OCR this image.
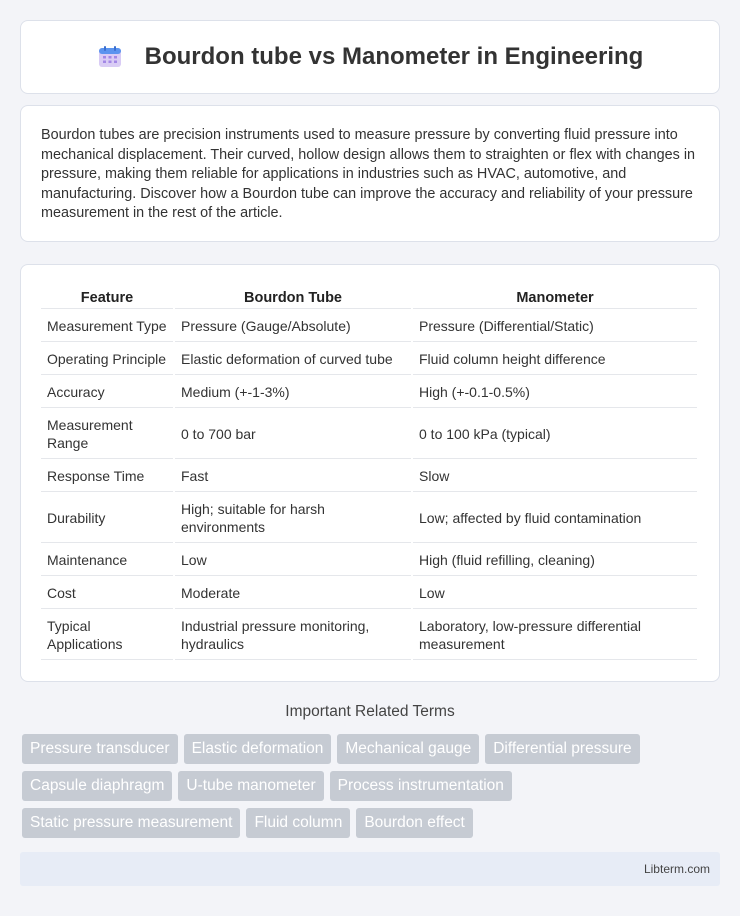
Bourdon tube vs Manometer in Engineering

Bourdon tubes are precision instruments used to measure pressure by converting fluid pressure into mechanical displacement. Their curved, hollow design allows them to straighten or flex with changes in pressure, making them reliable for applications in industries such as HVAC, automotive, and manufacturing. Discover how a Bourdon tube can improve the accuracy and reliability of your pressure measurement in the rest of the article.

Feature	Bourdon Tube	Manometer
Measurement Type	Pressure (Gauge/Absolute)	Pressure (Differential/Static)
Operating Principle	Elastic deformation of curved tube	Fluid column height difference
Accuracy	Medium (+-1-3%)	High (+-0.1-0.5%)
Measurement Range	0 to 700 bar	0 to 100 kPa (typical)
Response Time	Fast	Slow
Durability	High; suitable for harsh environments	Low; affected by fluid contamination
Maintenance	Low	High (fluid refilling, cleaning)
Cost	Moderate	Low
Typical Applications	Industrial pressure monitoring, hydraulics	Laboratory, low-pressure differential measurement
Important Related Terms
Pressure transducer	Elastic deformation	Mechanical gauge	Differential pressure
Capsule diaphragm	U-tube manometer	Process instrumentation
Static pressure measurement	Fluid column	Bourdon effect
Libterm.com
